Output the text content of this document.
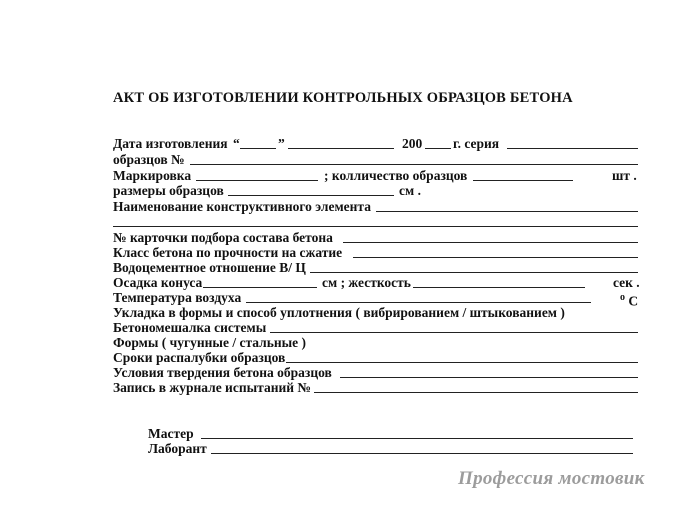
АКТ ОБ ИЗГОТОВЛЕНИИ КОНТРОЛЬНЫХ ОБРАЗЦОВ БЕТОНА
Дата изготовления “	”	200 г. серия
образцов №
Маркировка	; колличество образцов	шт .
размеры образцов	см .
Наименование конструктивного элемента
№ карточки подбора состава бетона
Класс бетона по прочности на сжатие
Водоцементное отношение В/ Ц
Осадка конуса	см ; жесткость	сек .
Температура воздуха	$^о$ С
Укладка в формы и способ уплотнения ( вибрированием / штыкованием )
Бетономешалка системы
Формы ( чугунные / стальные )
Сроки распалубки образцов
Условия твердения бетона образцов
Запись в журнале испытаний №
Мастер
Лаборант
Профессия мостовик
